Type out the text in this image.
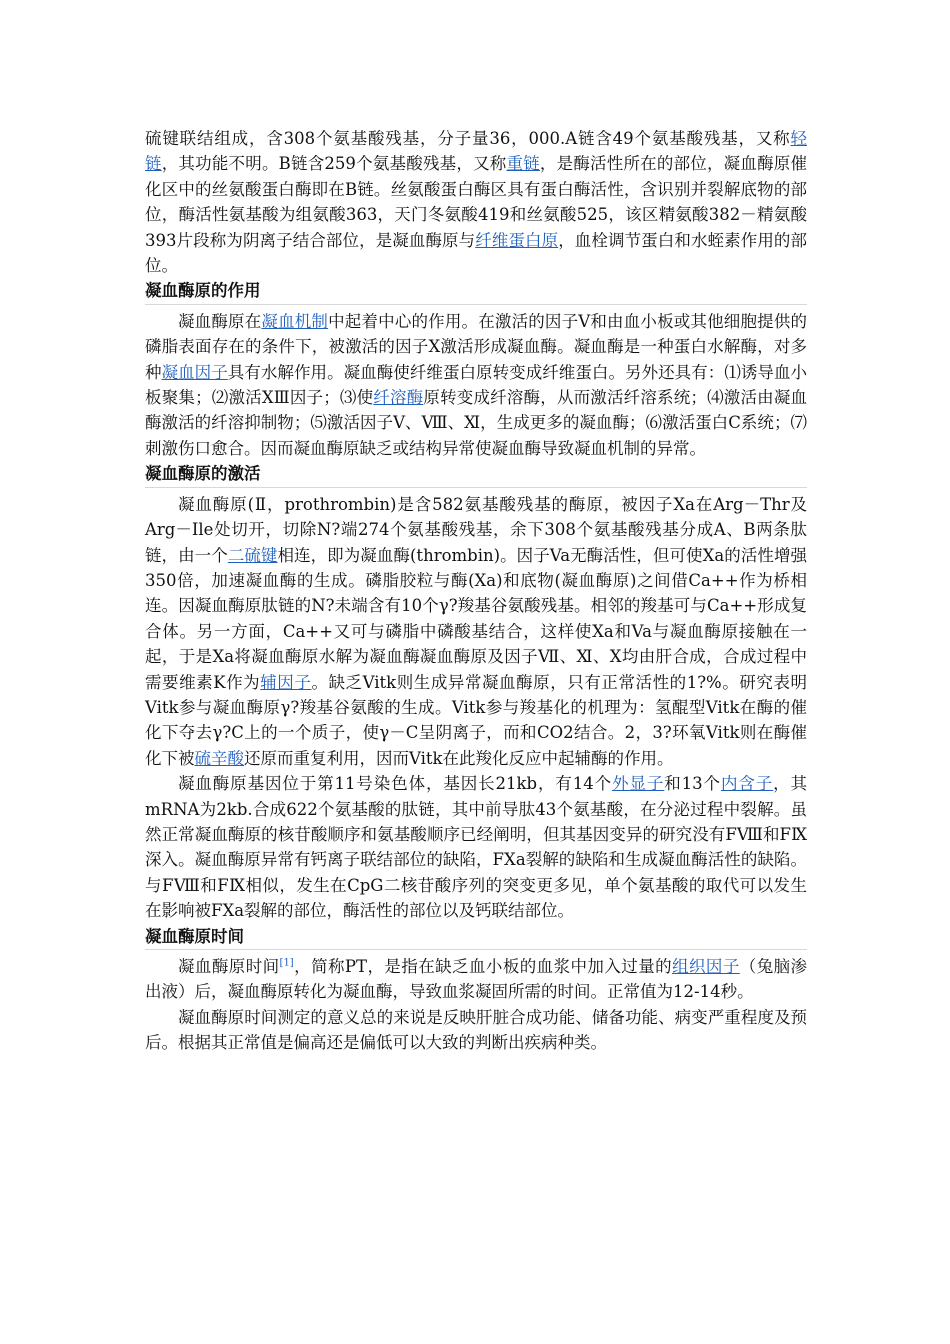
硫键联结组成，含308个氨基酸残基，分子量36，000.A链含49个氨基酸残基，又称轻链，其功能不明。B链含259个氨基酸残基，又称重链，是酶活性所在的部位，凝血酶原催化区中的丝氨酸蛋白酶即在B链。丝氨酸蛋白酶区具有蛋白酶活性，含识别并裂解底物的部位，酶活性氨基酸为组氨酸363，天门冬氨酸419和丝氨酸525，该区精氨酸382－精氨酸393片段称为阴离子结合部位，是凝血酶原与纤维蛋白原，血栓调节蛋白和水蛭素作用的部位。

凝血酶原的作用

凝血酶原在凝血机制中起着中心的作用。在激活的因子Ⅴ和由血小板或其他细胞提供的磷脂表面存在的条件下，被激活的因子Ⅹ激活形成凝血酶。凝血酶是一种蛋白水解酶，对多种凝血因子具有水解作用。凝血酶使纤维蛋白原转变成纤维蛋白。另外还具有：⑴诱导血小板聚集；⑵激活ⅩⅢ因子；⑶使纤溶酶原转变成纤溶酶，从而激活纤溶系统；⑷激活由凝血酶激活的纤溶抑制物；⑸激活因子Ⅴ、Ⅷ、Ⅺ，生成更多的凝血酶；⑹激活蛋白C系统；⑺刺激伤口愈合。因而凝血酶原缺乏或结构异常使凝血酶导致凝血机制的异常。

凝血酶原的激活

凝血酶原(Ⅱ，prothrombin)是含582氨基酸残基的酶原，被因子Xa在Arg－Thr及Arg－Ile处切开，切除N?端274个氨基酸残基，余下308个氨基酸残基分成A、B两条肽链，由一个二硫键相连，即为凝血酶(thrombin)。因子Va无酶活性，但可使Xa的活性增强350倍，加速凝血酶的生成。磷脂胶粒与酶(Xa)和底物(凝血酶原)之间借Ca++作为桥相连。因凝血酶原肽链的N?未端含有10个γ?羧基谷氨酸残基。相邻的羧基可与Ca++形成复合体。另一方面，Ca++又可与磷脂中磷酸基结合，这样使Xa和Va与凝血酶原接触在一起，于是Xa将凝血酶原水解为凝血酶凝血酶原及因子Ⅶ、Ⅺ、Ⅹ均由肝合成，合成过程中需要维素K作为辅因子。缺乏Vitk则生成异常凝血酶原，只有正常活性的1?%。研究表明Vitk参与凝血酶原γ?羧基谷氨酸的生成。Vitk参与羧基化的机理为：氢醌型Vitk在酶的催化下夺去γ?C上的一个质子，使γ－C呈阴离子，而和CO2结合。2，3?环氧Vitk则在酶催化下被硫辛酸还原而重复利用，因而Vitk在此羧化反应中起辅酶的作用。

凝血酶原基因位于第11号染色体，基因长21kb，有14个外显子和13个内含子，其mRNA为2kb.合成622个氨基酸的肽链，其中前导肽43个氨基酸，在分泌过程中裂解。虽然正常凝血酶原的核苷酸顺序和氨基酸顺序已经阐明，但其基因变异的研究没有FⅧ和FⅨ深入。凝血酶原异常有钙离子联结部位的缺陷，FⅩa裂解的缺陷和生成凝血酶活性的缺陷。与FⅧ和FⅨ相似，发生在CpG二核苷酸序列的突变更多见，单个氨基酸的取代可以发生在影响被FⅩa裂解的部位，酶活性的部位以及钙联结部位。

凝血酶原时间

凝血酶原时间[1]，简称PT，是指在缺乏血小板的血浆中加入过量的组织因子（兔脑渗出液）后，凝血酶原转化为凝血酶，导致血浆凝固所需的时间。正常值为12-14秒。

凝血酶原时间测定的意义总的来说是反映肝脏合成功能、储备功能、病变严重程度及预后。根据其正常值是偏高还是偏低可以大致的判断出疾病种类。
